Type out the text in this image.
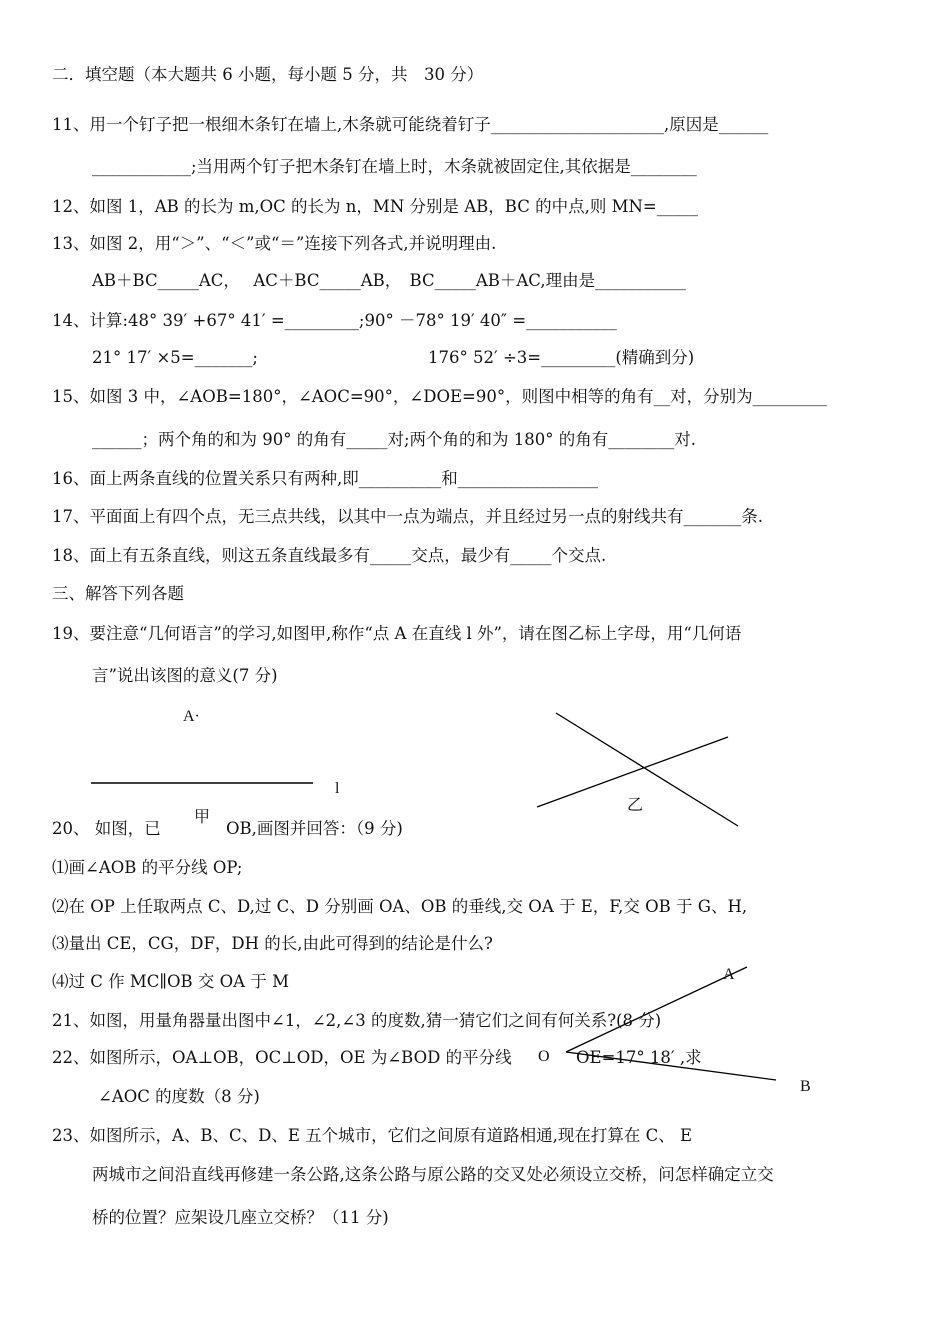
二．填空题（本大题共 6 小题，每小题 5 分，共　30 分）
11、用一个钉子把一根细木条钉在墙上,木条就可能绕着钉子_____________________,原因是______
____________;当用两个钉子把木条钉在墙上时，木条就被固定住,其依据是________
12、如图 1，AB 的长为 m,OC 的长为 n，MN 分别是 AB，BC 的中点,则 MN=_____
13、如图 2，用“＞”、“＜”或“＝”连接下列各式,并说明理由.
AB＋BC_____AC，　 AC＋BC_____AB，　BC_____AB＋AC,理由是___________
14、计算:48° 39′ +67° 41′ =_________;90° －78° 19′ 40″ =___________
21° 17′ ×5=_______;	176° 52′ ÷3=_________(精确到分)
15、如图 3 中，∠AOB=180°，∠AOC=90°，∠DOE=90°，则图中相等的角有__对，分别为_________
______；两个角的和为 90° 的角有_____对;两个角的和为 180° 的角有________对.
16、面上两条直线的位置关系只有两种,即__________和_________________
17、平面面上有四个点，无三点共线，以其中一点为端点，并且经过另一点的射线共有_______条.
18、面上有五条直线，则这五条直线最多有_____交点，最少有_____个交点.
三、解答下列各题
19、要注意“几何语言”的学习,如图甲,称作“点 A 在直线 l 外”，请在图乙标上字母，用“几何语
言”说出该图的意义(7 分)
A·
l
甲
乙
20、 如图，已	OB,画图并回答：（9 分)
⑴画∠AOB 的平分线 OP;
⑵在 OP 上任取两点 C、D,过 C、D 分别画 OA、OB 的垂线,交 OA 于 E，F,交 OB 于 G、H,
⑶量出 CE，CG，DF，DH 的长,由此可得到的结论是什么?
⑷过 C 作 MC∥OB 交 OA 于 M	A
21、如图，用量角器量出图中∠1，∠2,∠3 的度数,猜一猜它们之间有何关系?(8 分)
22、如图所示，OA⊥OB，OC⊥OD，OE 为∠BOD 的平分线 O OE=17° 18′ ,求
B
∠AOC 的度数（8 分)
23、如图所示，A、B、C、D、E 五个城市，它们之间原有道路相通,现在打算在 C、 E
两城市之间沿直线再修建一条公路,这条公路与原公路的交叉处必须设立交桥，问怎样确定立交
桥的位置？应架设几座立交桥？（11 分)
